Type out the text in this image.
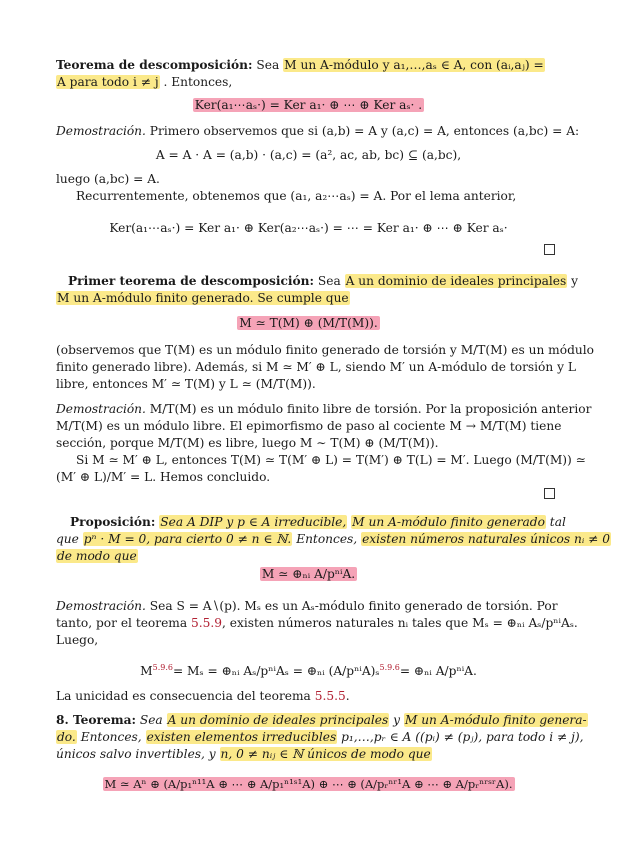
Teorema de descomposición: Sea M un A-módulo y a₁,…,aₛ ∈ A, con (aᵢ,aⱼ) =
A para todo i ≠ j . Entonces,
Ker(a₁⋯aₛ·) = Ker a₁· ⊕ ⋯ ⊕ Ker aₛ· .
Demostración. Primero observemos que si (a,b) = A y (a,c) = A, entonces (a,bc) = A:
A = A · A = (a,b) · (a,c) = (a², ac, ab, bc) ⊆ (a,bc),
luego (a,bc) = A.
Recurrentemente, obtenemos que (a₁, a₂⋯aₛ) = A. Por el lema anterior,
Ker(a₁⋯aₛ·) = Ker a₁· ⊕ Ker(a₂⋯aₛ·) = ⋯ = Ker a₁· ⊕ ⋯ ⊕ Ker aₛ·
Primer teorema de descomposición: Sea A un dominio de ideales principales y
M un A-módulo finito generado. Se cumple que
M ≃ T(M) ⊕ (M/T(M)).
(observemos que T(M) es un módulo finito generado de torsión y M/T(M) es un módulo
finito generado libre). Además, si M ≃ M′ ⊕ L, siendo M′ un A-módulo de torsión y L
libre, entonces M′ ≃ T(M) y L ≃ (M/T(M)).
Demostración. M/T(M) es un módulo finito libre de torsión. Por la proposición anterior
M/T(M) es un módulo libre. El epimorfismo de paso al cociente M → M/T(M) tiene
sección, porque M/T(M) es libre, luego M ∼ T(M) ⊕ (M/T(M)).
Si M ≃ M′ ⊕ L, entonces T(M) ≃ T(M′ ⊕ L) = T(M′) ⊕ T(L) = M′. Luego (M/T(M)) ≃
(M′ ⊕ L)/M′ = L. Hemos concluido.
Proposición: Sea A DIP y p ∈ A irreducible, M un A-módulo finito generado tal
que pⁿ · M = 0, para cierto 0 ≠ n ∈ ℕ. Entonces, existen números naturales únicos nᵢ ≠ 0
de modo que
M ≃ ⊕ₙᵢ A/pⁿⁱA.
Demostración. Sea S = A∖(p). Mₛ es un Aₛ-módulo finito generado de torsión. Por
tanto, por el teorema 5.5.9, existen números naturales nᵢ tales que Mₛ = ⊕ₙᵢ Aₛ/pⁿⁱAₛ.
Luego,
M$^{5.9.6}$= Mₛ = ⊕ₙᵢ Aₛ/pⁿⁱAₛ = ⊕ₙᵢ (A/pⁿⁱA)ₛ$^{5.9.6}$= ⊕ₙᵢ A/pⁿⁱA.
La unicidad es consecuencia del teorema 5.5.5.
8. Teorema: Sea A un dominio de ideales principales y M un A-módulo finito genera-
do. Entonces, existen elementos irreducibles p₁,…,pᵣ ∈ A ((pᵢ) ≠ (pⱼ), para todo i ≠ j),
únicos salvo invertibles, y n, 0 ≠ nᵢⱼ ∈ ℕ únicos de modo que
M ≃ Aⁿ ⊕ (A/p₁ⁿ¹¹A ⊕ ⋯ ⊕ A/p₁ⁿ¹ˢ¹A) ⊕ ⋯ ⊕ (A/pᵣⁿʳ¹A ⊕ ⋯ ⊕ A/pᵣⁿʳˢʳA).
